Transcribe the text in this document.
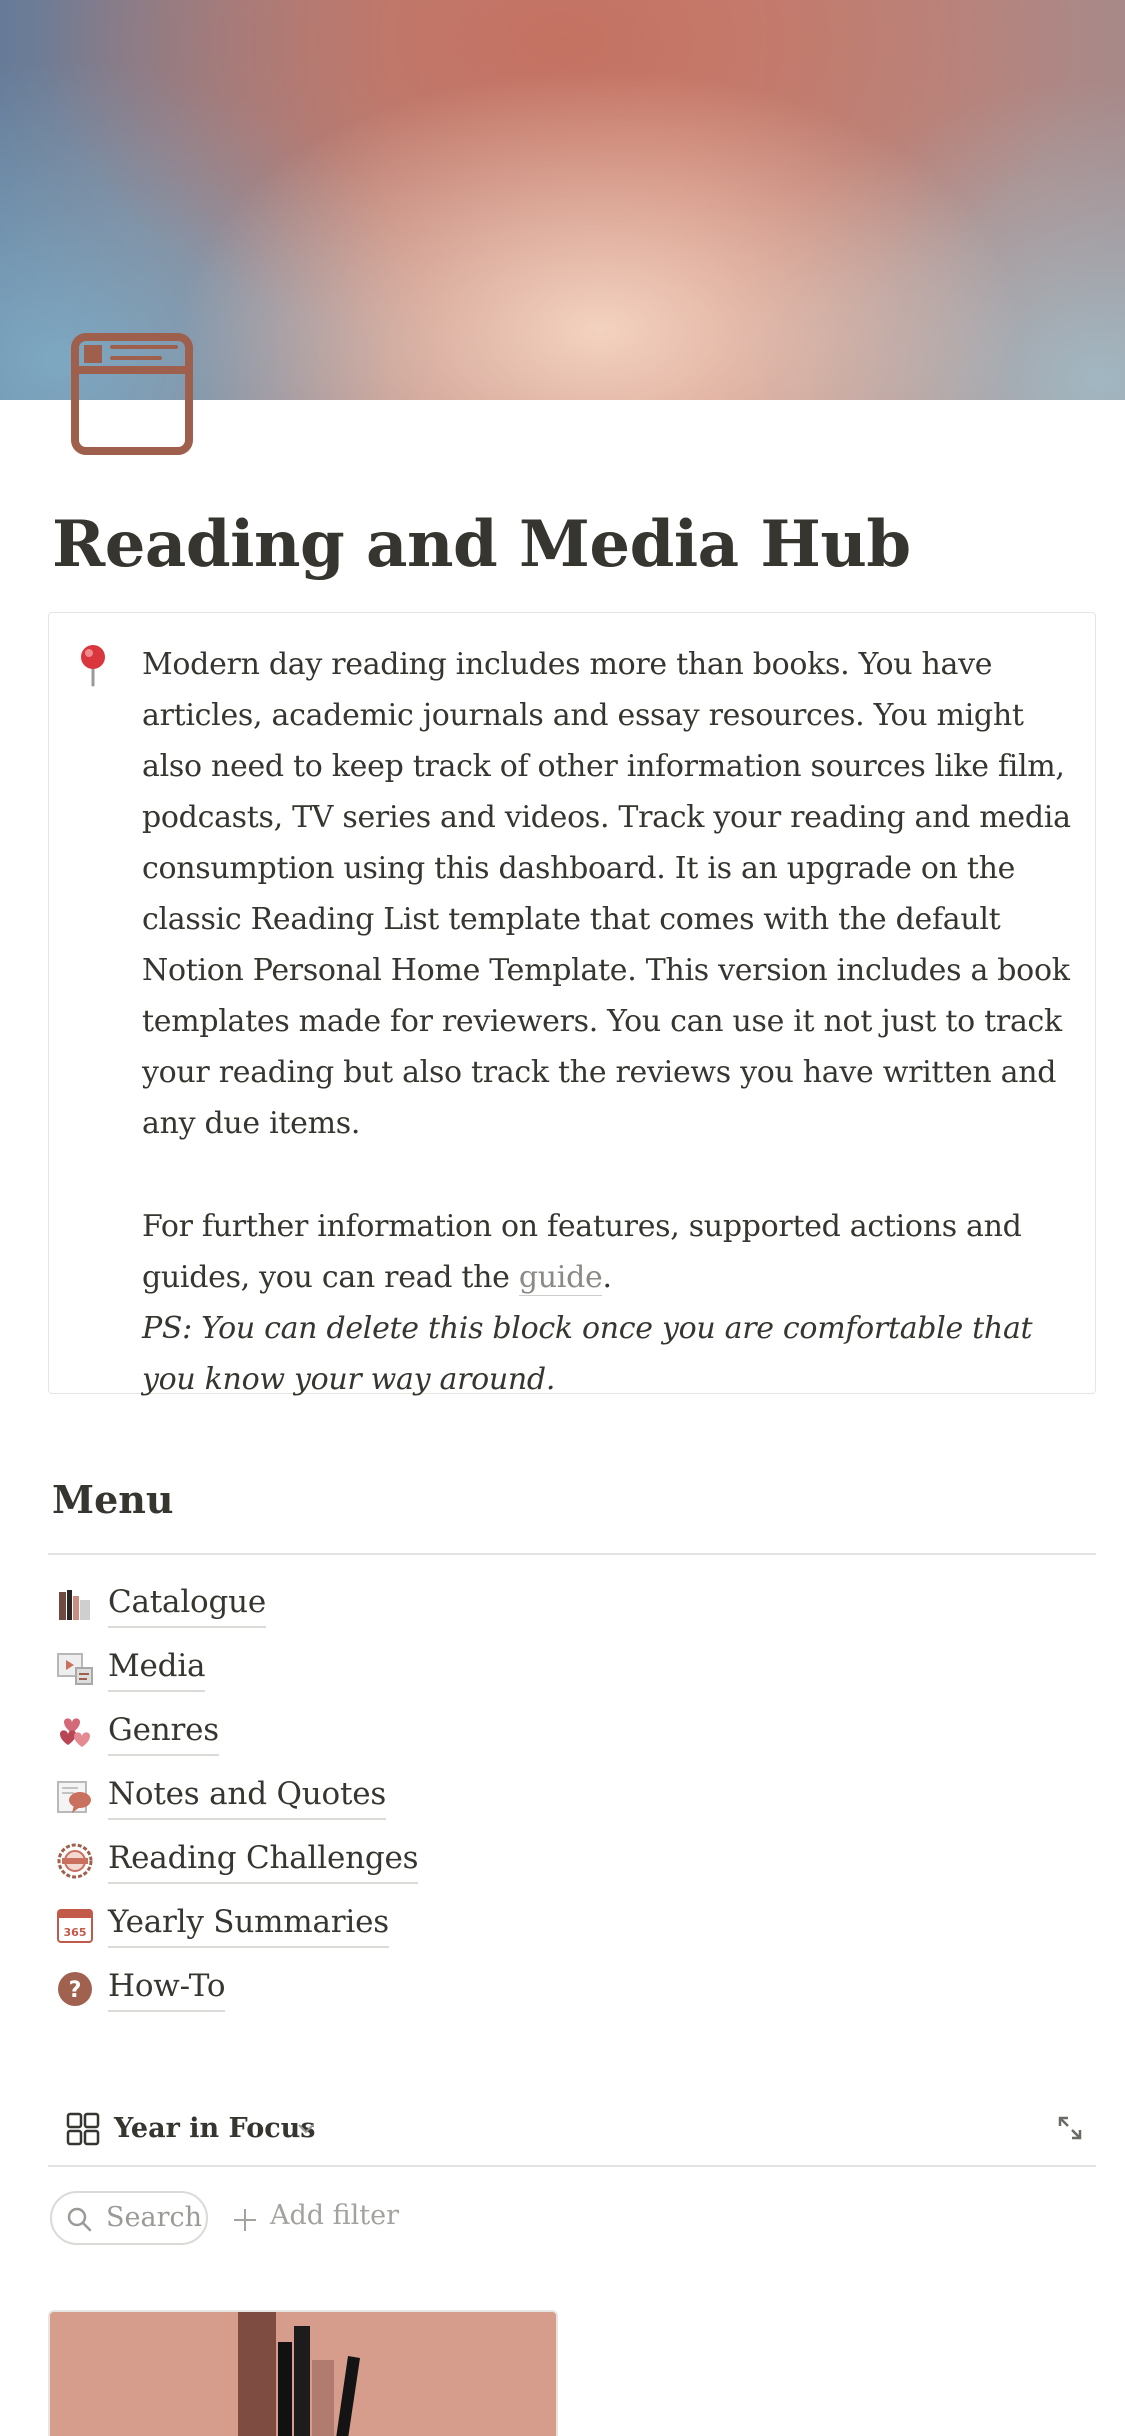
Reading and Media Hub

Modern day reading includes more than books. You have articles, academic journals and essay resources. You might also need to keep track of other information sources like film, podcasts, TV series and videos. Track your reading and media consumption using this dashboard. It is an upgrade on the classic Reading List template that comes with the default Notion Personal Home Template. This version includes a book templates made for reviewers. You can use it not just to track your reading but also track the reviews you have written and any due items.

For further information on features, supported actions and guides, you can read the guide.

PS: You can delete this block once you are comfortable that you know your way around.

Menu
Catalogue
Media
Genres
Notes and Quotes
Reading Challenges
365 Yearly Summaries
? How-To
Year in Focus
Search	Add filter
